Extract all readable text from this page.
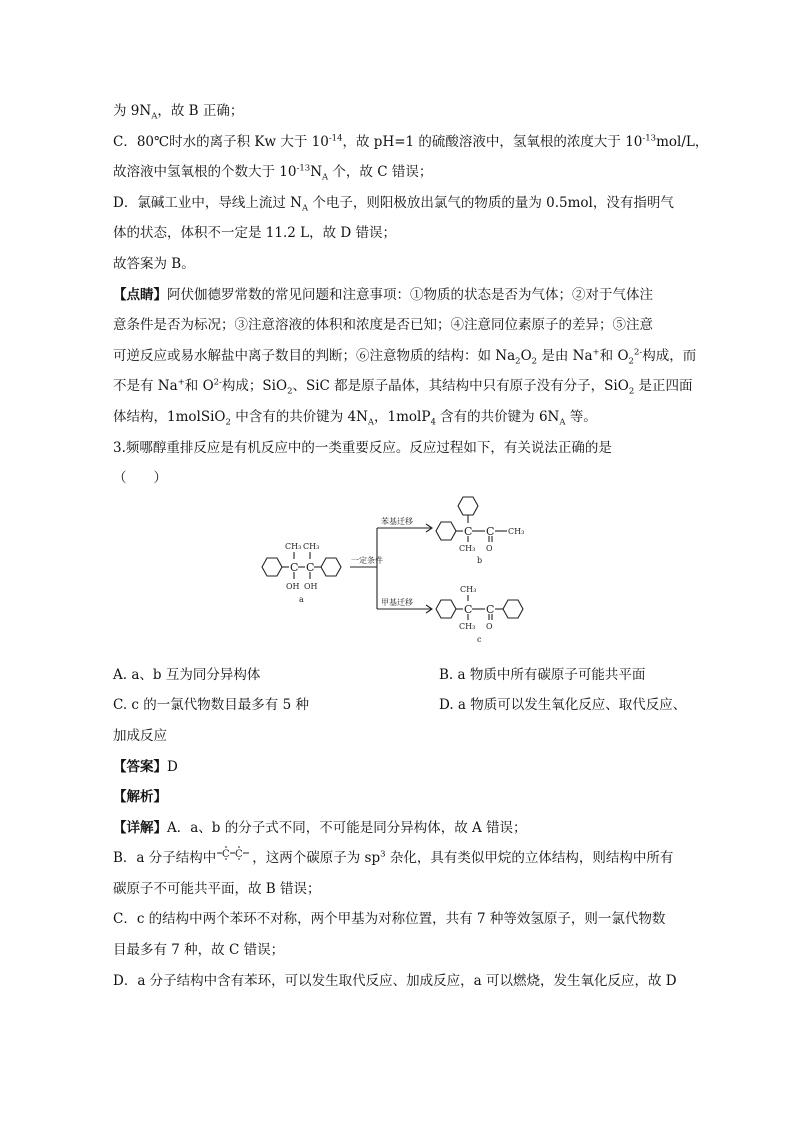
为 $9N_A$，故 B 正确；
C．80℃时水的离子积 Kw 大于 $10^{-14}$，故 pH=1 的硫酸溶液中，氢氧根的浓度大于 $10^{-13}mol/L$，
故溶液中氢氧根的个数大于 $10^{-13}N_A$ 个，故 C 错误；
D．氯碱工业中，导线上流过 $N_A$ 个电子，则阳极放出氯气的物质的量为 0.5mol，没有指明气
体的状态，体积不一定是 11.2 L，故 D 错误；
故答案为 B。
【点睛】阿伏伽德罗常数的常见问题和注意事项：①物质的状态是否为气体；②对于气体注
意条件是否为标况；③注意溶液的体积和浓度是否已知；④注意同位素原子的差异；⑤注意
可逆反应或易水解盐中离子数目的判断；⑥注意物质的结构：如 $Na_2O_2$ 是由 Na+和 $O_2^{2-}$构成，而
不是有 Na+和 $O^{2-}$构成；SiO$_2$、SiC 都是原子晶体，其结构中只有原子没有分子，SiO$_2$ 是正四面
体结构，1molSiO$_2$ 中含有的共价键为 $4N_A$，1molP$_4$ 含有的共价键为 $6N_A$ 等。
3.频哪醇重排反应是有机反应中的一类重要反应。反应过程如下，有关说法正确的是
（　　）
C C
CH₃ CH₃
OH OH
a
一定条件
苯基迁移
甲基迁移
C
CH₃
C
O
CH₃
b
C
CH₃
CH₃
C
O
c
A. a、b 互为同分异构体	B. a 物质中所有碳原子可能共平面
C. c 的一氯代物数目最多有 5 种	D. a 物质可以发生氧化反应、取代反应、
加成反应
【答案】D
【解析】
【详解】A．a、b 的分子式不同，不可能是同分异构体，故 A 错误；
B．a 分子结构中 C C ，这两个碳原子为 $sp^3$ 杂化，具有类似甲烷的立体结构，则结构中所有
碳原子不可能共平面，故 B 错误；
C．c 的结构中两个苯环不对称，两个甲基为对称位置，共有 7 种等效氢原子，则一氯代物数
目最多有 7 种，故 C 错误；
D．a 分子结构中含有苯环，可以发生取代反应、加成反应，a 可以燃烧，发生氧化反应，故 D
